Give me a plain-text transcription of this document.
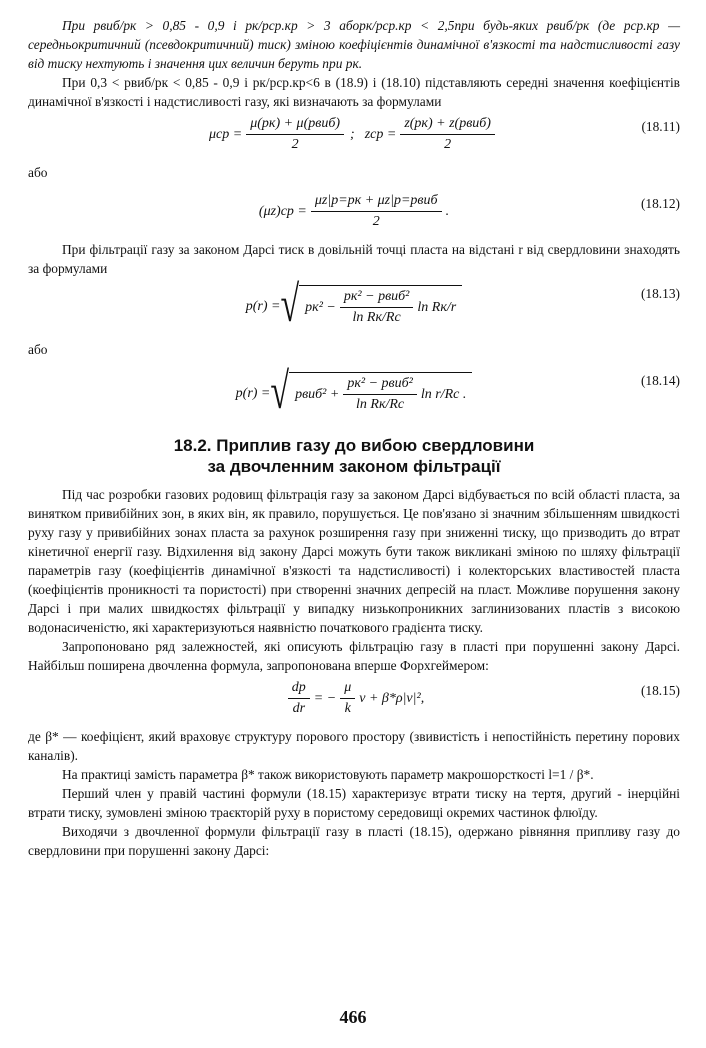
При pвиб/pк > 0,85 - 0,9 і pк/pср.кр > 3 абоpк/pср.кр < 2,5при будь-яких pвиб/pк (де pср.кр — середньокритичний (псевдокритичний) тиск) зміною коефіцієнтів динамічної в'язкості та надстисливості газу від тиску нехтують і значення цих величин беруть при pк.

При 0,3 < pвиб/pк < 0,85 - 0,9 і pк/pср.кр<6 в (18.9) і (18.10) підставляють середні значення коефіцієнтів динамічної в'язкості і надстисливості газу, які визначають за формулами

$\mu ср = \frac{\text{μ(pк) + μ(pвиб)}}{2}$ ; zср = $\frac{\text{z(pк) + z(pвиб)}}{2}$	(18.11)

або

$(\mu z)ср = \frac{\text{μz|p=pк + μz|p=pвиб}}{2}$ .	(18.12)

При фільтрації газу за законом Дарсі тиск в довільній точці пласта на відстані r від свердловини знаходять за формулами

p(r) = √ $pк^2 - \frac{\text{pк² − pвиб²}}{\text{ln Rк/Rс}}$ ln Rк/r
(18.13)

або

p(r) = √ pвиб² + $\frac{\text{pк² − pвиб²}}{\text{ln Rк/Rс}}$ ln r/Rс .
(18.14)
18.2. Приплив газу до вибою свердловини
за двочленним законом фільтрації

Під час розробки газових родовищ фільтрація газу за законом Дарсі відбувається по всій області пласта, за винятком привибійних зон, в яких він, як правило, порушується. Це пов'язано зі значним збільшенням швидкості руху газу у привибійних зонах пласта за рахунок розширення газу при зниженні тиску, що призводить до втрат кінетичної енергії газу. Відхилення від закону Дарсі можуть бути також викликані зміною по шляху фільтрації параметрів газу (коефіцієнтів динамічної в'язкості та надстисливості) і колекторських властивостей пласта (коефіцієнтів проникності та пористості) при створенні значних депресій на пласт. Можливе порушення закону Дарсі і при малих швидкостях фільтрації у випадку низькопроникних заглинизованих пластів з високою водонасиченістю, які характеризуються наявністю початкового градієнта тиску.

Запропоновано ряд залежностей, які описують фільтрацію газу в пласті при порушенні закону Дарсі. Найбільш поширена двочленна формула, запропонована вперше Форхгеймером:

$\frac{dp}{dr}$ = − $\frac{\mu}{k}$ v + β*ρ|v|²,	(18.15)

де β* — коефіцієнт, який враховує структуру порового простору (звивистість і непостійність перетину порових каналів).

На практиці замість параметра β* також використовують параметр макрошорсткості l=1 / β*.

Перший член у правій частині формули (18.15) характеризує втрати тиску на тертя, другий - інерційні втрати тиску, зумовлені зміною траєкторій руху в пористому середовищі окремих частинок флюїду.

Виходячи з двочленної формули фільтрації газу в пласті (18.15), одержано рівняння припливу газу до свердловини при порушенні закону Дарсі:

466
